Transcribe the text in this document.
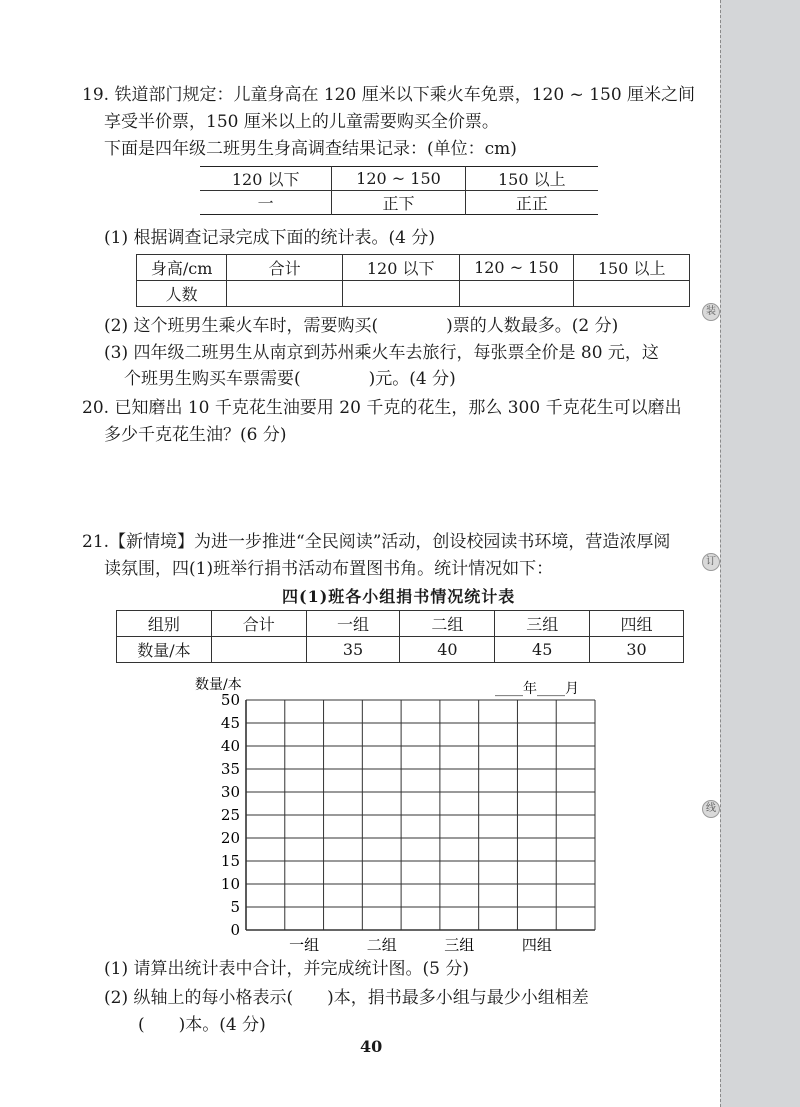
装
订
线
19. 铁道部门规定：儿童身高在 120 厘米以下乘火车免票，120 ~ 150 厘米之间
享受半价票，150 厘米以上的儿童需要购买全价票。
下面是四年级二班男生身高调查结果记录：(单位：cm)
120 以下	120 ~ 150	150 以上
一	正下	正正
(1) 根据调查记录完成下面的统计表。(4 分)
身高/cm	合计	120 以下	120 ~ 150	150 以上
人数				
(2) 这个班男生乘火车时，需要购买(　　　　)票的人数最多。(2 分)
(3) 四年级二班男生从南京到苏州乘火车去旅行，每张票全价是 80 元，这
个班男生购买车票需要(　　　　)元。(4 分)
20. 已知磨出 10 千克花生油要用 20 千克的花生，那么 300 千克花生可以磨出
多少千克花生油？(6 分)
21.【新情境】为进一步推进“全民阅读”活动，创设校园读书环境，营造浓厚阅
读氛围，四(1)班举行捐书活动布置图书角。统计情况如下：
四(1)班各小组捐书情况统计表
组别	合计	一组	二组	三组	四组
数量/本		35	40	45	30
数量/本	____年____月
0
5
10
15
20
25
30
35
40
45
50
一组	二组	三组	四组
(1) 请算出统计表中合计，并完成统计图。(5 分)
(2) 纵轴上的每小格表示(　　)本，捐书最多小组与最少小组相差
(　　)本。(4 分)
40
